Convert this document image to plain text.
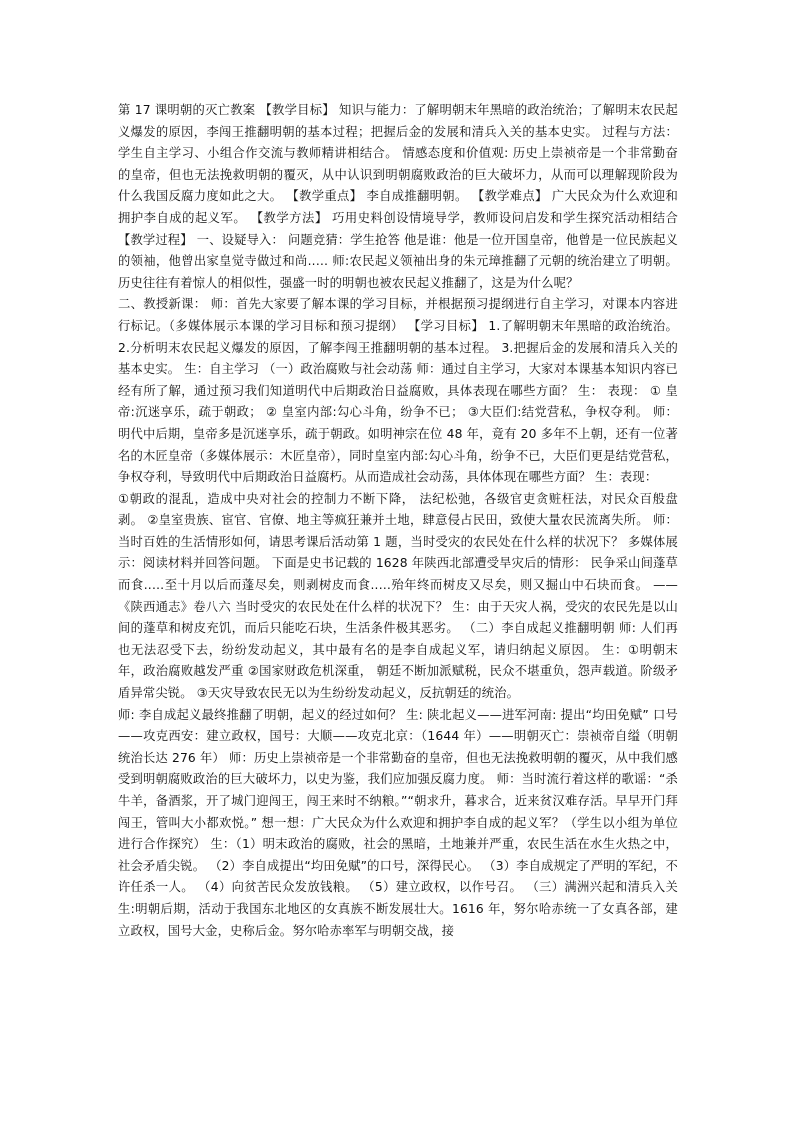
第 17 课明朝的灭亡教案 【教学目标】 知识与能力：了解明朝末年黑暗的政治统治；了解明末农民起义爆发的原因，李闯王推翻明朝的基本过程；把握后金的发展和清兵入关的基本史实。 过程与方法：学生自主学习、小组合作交流与教师精讲相结合。 情感态度和价值观: 历史上崇祯帝是一个非常勤奋的皇帝，但也无法挽救明朝的覆灭，从中认识到明朝腐败政治的巨大破坏力，从而可以理解现阶段为什么我国反腐力度如此之大。 【教学重点】 李自成推翻明朝。 【教学难点】 广大民众为什么欢迎和拥护李自成的起义军。 【教学方法】 巧用史料创设情境导学，教师设问启发和学生探究活动相结合 【教学过程】 一、设疑导入： 问题竞猜：学生抢答 他是谁：他是一位开国皇帝，他曾是一位民族起义的领袖，他曾出家皇觉寺做过和尚..… 师:农民起义领袖出身的朱元璋推翻了元朝的统治建立了明朝。历史往往有着惊人的相似性，强盛一时的明朝也被农民起义推翻了，这是为什么呢？

二、教授新课： 师：首先大家要了解本课的学习目标，并根据预习提纲进行自主学习，对课本内容进行标记。（多媒体展示本课的学习目标和预习提纲） 【学习目标】 1.了解明朝末年黑暗的政治统治。 2.分析明末农民起义爆发的原因，了解李闯王推翻明朝的基本过程。 3.把握后金的发展和清兵入关的基本史实。 生：自主学习 （一）政治腐败与社会动荡 师：通过自主学习，大家对本课基本知识内容已经有所了解，通过预习我们知道明代中后期政治日益腐败，具体表现在哪些方面？ 生： 表现： ① 皇帝:沉迷享乐，疏于朝政； ② 皇室内部:勾心斗角，纷争不已； ③大臣们:结党营私，争权夺利。 师：明代中后期，皇帝多是沉迷享乐，疏于朝政。如明神宗在位 48 年，竟有 20 多年不上朝，还有一位著名的木匠皇帝（多媒体展示：木匠皇帝），同时皇室内部:勾心斗角，纷争不已，大臣们更是结党营私，争权夺利，导致明代中后期政治日益腐朽。从而造成社会动荡，具体体现在哪些方面？ 生：表现：

①朝政的混乱，造成中央对社会的控制力不断下降， 法纪松弛，各级官吏贪赃枉法，对民众百般盘剥。 ②皇室贵族、宦官、官僚、地主等疯狂兼并土地，肆意侵占民田，致使大量农民流离失所。 师：当时百姓的生活情形如何，请思考课后活动第 1 题，当时受灾的农民处在什么样的状况下？ 多媒体展示：阅读材料并回答问题。 下面是史书记载的 1628 年陕西北部遭受旱灾后的情形： 民争采山间蓬草而食..…至十月以后而蓬尽矣，则剥树皮而食..…殆年终而树皮又尽矣，则又掘山中石块而食。 ——《陕西通志》卷八六 当时受灾的农民处在什么样的状况下？ 生：由于天灾人祸，受灾的农民先是以山间的蓬草和树皮充饥，而后只能吃石块，生活条件极其恶劣。 （二）李自成起义推翻明朝 师: 人们再也无法忍受下去，纷纷发动起义，其中最有名的是李自成起义军，请归纳起义原因。 生：①明朝末年，政治腐败越发严重 ②国家财政危机深重， 朝廷不断加派赋税，民众不堪重负，怨声载道。阶级矛盾异常尖锐。 ③天灾导致农民无以为生纷纷发动起义，反抗朝廷的统治。

师: 李自成起义最终推翻了明朝，起义的经过如何？ 生: 陕北起义——进军河南: 提出“均田免赋” 口号——攻克西安：建立政权，国号：大顺——攻克北京：（1644 年）——明朝灭亡：崇祯帝自缢（明朝统治长达 276 年） 师：历史上崇祯帝是一个非常勤奋的皇帝，但也无法挽救明朝的覆灭，从中我们感受到明朝腐败政治的巨大破坏力，以史为鉴，我们应加强反腐力度。 师：当时流行着这样的歌谣：“杀牛羊，备酒浆，开了城门迎闯王，闯王来时不纳粮。”“朝求升，暮求合，近来贫汉难存活。早早开门拜闯王，管叫大小都欢悦。” 想一想：广大民众为什么欢迎和拥护李自成的起义军？（学生以小组为单位进行合作探究） 生：（1）明末政治的腐败，社会的黑暗，土地兼并严重，农民生活在水生火热之中，社会矛盾尖锐。 （2）李自成提出“均田免赋”的口号，深得民心。 （3）李自成规定了严明的军纪，不许任杀一人。 （4）向贫苦民众发放钱粮。 （5）建立政权，以作号召。 （三）满洲兴起和清兵入关 生:明朝后期，活动于我国东北地区的女真族不断发展壮大。1616 年，努尔哈赤统一了女真各部，建立政权，国号大金，史称后金。努尔哈赤率军与明朝交战，接
